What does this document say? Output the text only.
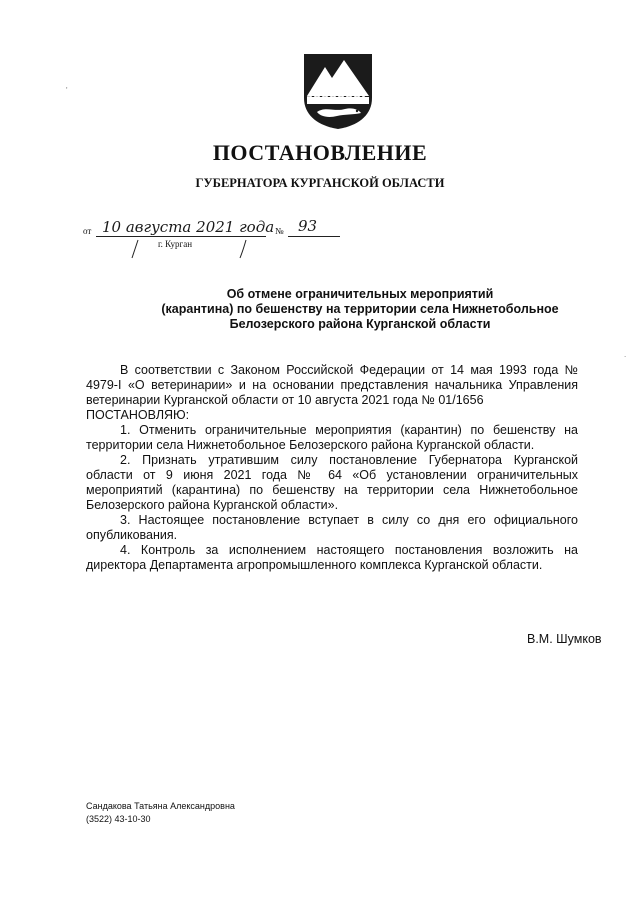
ПОСТАНОВЛЕНИЕ
ГУБЕРНАТОРА КУРГАНСКОЙ ОБЛАСТИ
от 10 августа 2021 года № 93
г. Курган
Об отмене ограничительных мероприятий
(карантина) по бешенству на территории села Нижнетобольное
Белозерского района Курганской области

В соответствии с Законом Российской Федерации от 14 мая 1993 года № 4979-I «О ветеринарии» и на основании представления начальника Управления ветеринарии Курганской области от 10 августа 2021 года № 01/1656

ПОСТАНОВЛЯЮ:

1. Отменить ограничительные мероприятия (карантин) по бешенству на территории села Нижнетобольное Белозерского района Курганской области.

2. Признать утратившим силу постановление Губернатора Курганской области от 9 июня 2021 года № 64 «Об установлении ограничительных мероприятий (карантина) по бешенству на территории села Нижнетобольное Белозерского района Курганской области».

3. Настоящее постановление вступает в силу со дня его официального опубликования.

4. Контроль за исполнением настоящего постановления возложить на директора Департамента агропромышленного комплекса Курганской области.

В.М. Шумков
Сандакова Татьяна Александровна
(3522) 43-10-30
'
.
